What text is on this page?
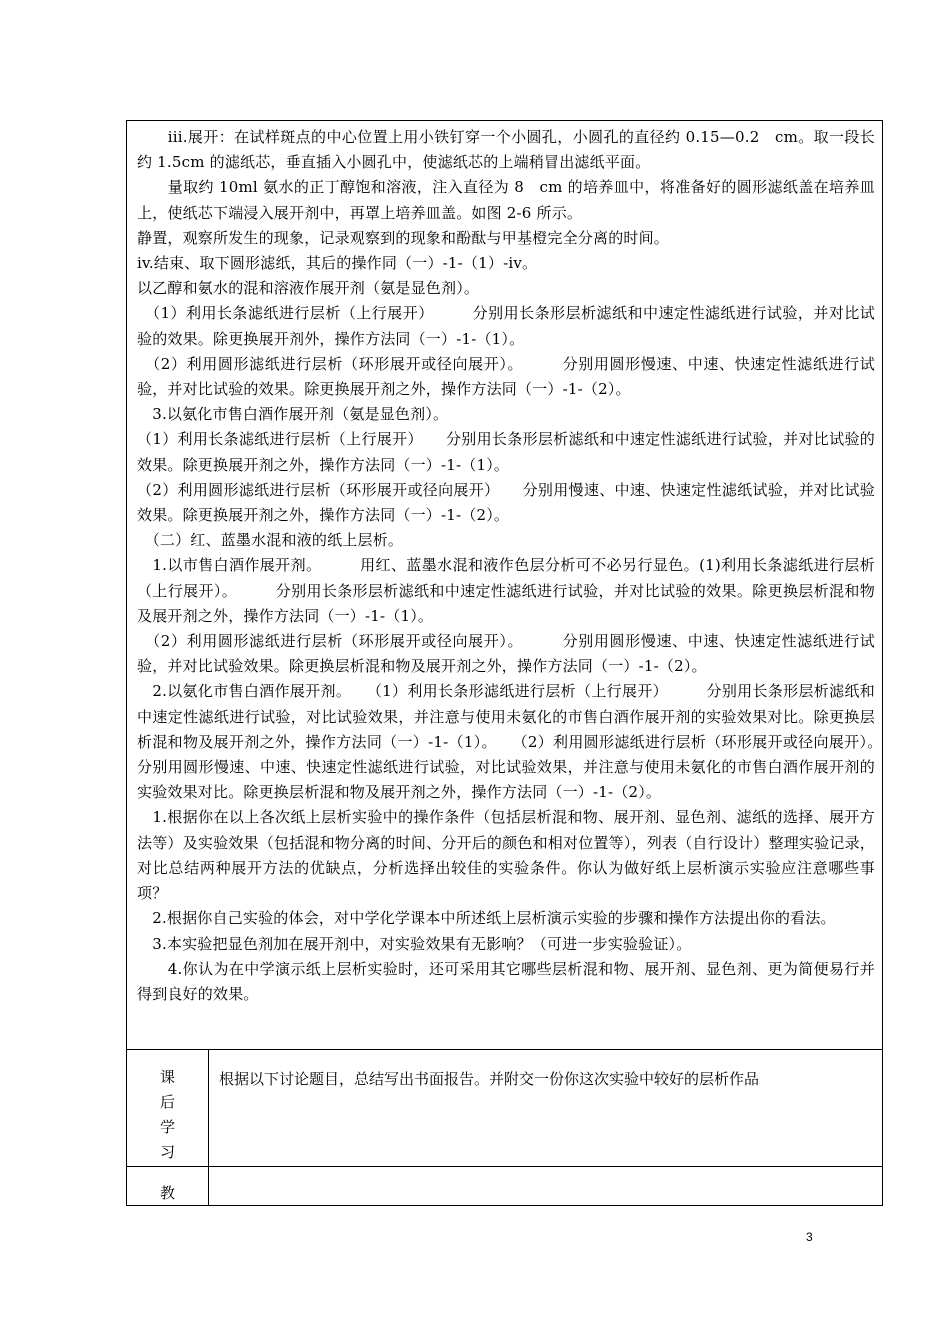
　　iii.展开：在试样斑点的中心位置上用小铁钉穿一个小圆孔，小圆孔的直径约 0.15—0.2　cm。取一段长约 1.5cm 的滤纸芯，垂直插入小圆孔中，使滤纸芯的上端稍冒出滤纸平面。

　　量取约 10ml 氨水的正丁醇饱和溶液，注入直径为 8　cm 的培养皿中，将准备好的圆形滤纸盖在培养皿上，使纸芯下端浸入展开剂中，再罩上培养皿盖。如图 2-6 所示。

静置，观察所发生的现象，记录观察到的现象和酚酞与甲基橙完全分离的时间。

iv.结束、取下圆形滤纸，其后的操作同（一）-1-（1）-iv。

以乙醇和氨水的混和溶液作展开剂（氨是显色剂）。

　（1）利用长条滤纸进行层析（上行展开）　　　分别用长条形层析滤纸和中速定性滤纸进行试验，并对比试验的效果。除更换展开剂外，操作方法同（一）-1-（1）。

　（2）利用圆形滤纸进行层析（环形展开或径向展开）。　　　分别用圆形慢速、中速、快速定性滤纸进行试验，并对比试验的效果。除更换展开剂之外，操作方法同（一）-1-（2）。

　3.以氨化市售白酒作展开剂（氨是显色剂）。

（1）利用长条滤纸进行层析（上行展开）　　分别用长条形层析滤纸和中速定性滤纸进行试验，并对比试验的效果。除更换展开剂之外，操作方法同（一）-1-（1）。

（2）利用圆形滤纸进行层析（环形展开或径向展开）　　分别用慢速、中速、快速定性滤纸试验，并对比试验效果。除更换展开剂之外，操作方法同（一）-1-（2）。

　（二）红、蓝墨水混和液的纸上层析。

　1.以市售白酒作展开剂。　　　用红、蓝墨水混和液作色层分析可不必另行显色。(1)利用长条滤纸进行层析（上行展开）。　　　分别用长条形层析滤纸和中速定性滤纸进行试验，并对比试验的效果。除更换层析混和物及展开剂之外，操作方法同（一）-1-（1）。

　（2）利用圆形滤纸进行层析（环形展开或径向展开）。　　　分别用圆形慢速、中速、快速定性滤纸进行试验，并对比试验效果。除更换层析混和物及展开剂之外，操作方法同（一）-1-（2）。

　2.以氨化市售白酒作展开剂。　　（1）利用长条形滤纸进行层析（上行展开）　　　分别用长条形层析滤纸和中速定性滤纸进行试验，对比试验效果，并注意与使用未氨化的市售白酒作展开剂的实验效果对比。除更换层析混和物及展开剂之外，操作方法同（一）-1-（1）。　　（2）利用圆形滤纸进行层析（环形展开或径向展开）。　　　分别用圆形慢速、中速、快速定性滤纸进行试验，对比试验效果，并注意与使用未氨化的市售白酒作展开剂的实验效果对比。除更换层析混和物及展开剂之外，操作方法同（一）-1-（2）。

　1.根据你在以上各次纸上层析实验中的操作条件（包括层析混和物、展开剂、显色剂、滤纸的选择、展开方法等）及实验效果（包括混和物分离的时间、分开后的颜色和相对位置等），列表（自行设计）整理实验记录，对比总结两种展开方法的优缺点，分析选择出较佳的实验条件。你认为做好纸上层析演示实验应注意哪些事项？

　2.根据你自己实验的体会，对中学化学课本中所述纸上层析演示实验的步骤和操作方法提出你的看法。

　3.本实验把显色剂加在展开剂中，对实验效果有无影响？（可进一步实验验证）。

　　4.你认为在中学演示纸上层析实验时，还可采用其它哪些层析混和物、展开剂、显色剂、更为简便易行并得到良好的效果。

课
后
学
习
根据以下讨论题目，总结写出书面报告。并附交一份你这次实验中较好的层析作品
教
3
